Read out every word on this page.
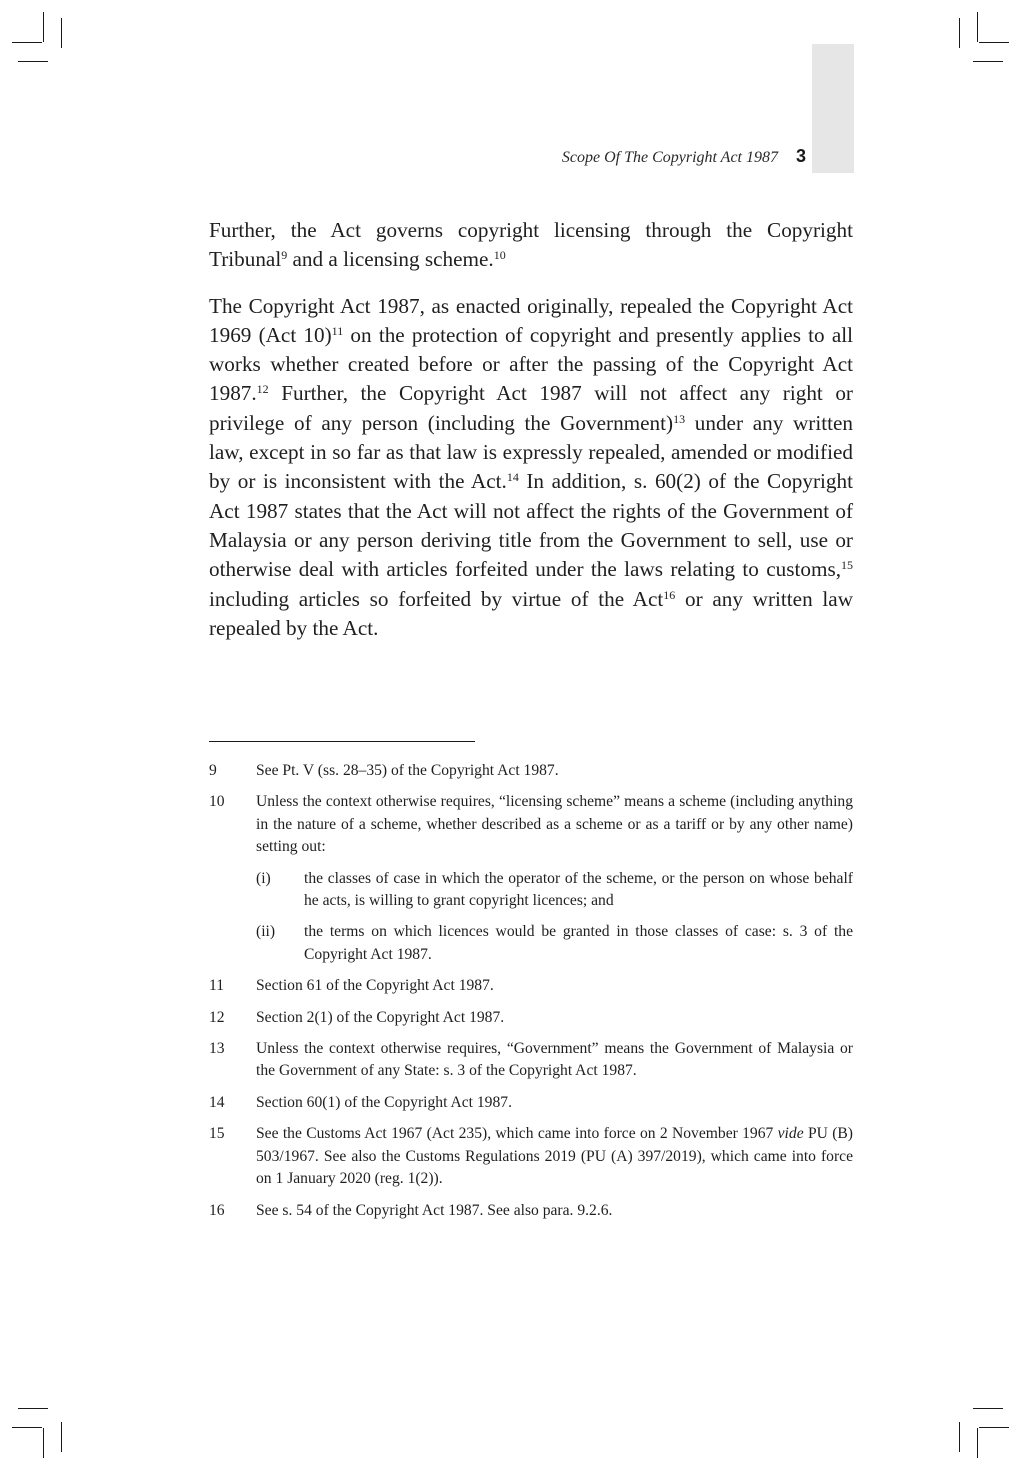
Scope Of The Copyright Act 1987 3

Further, the Act governs copyright licensing through the Copyright Tribunal$^9$ and a licensing scheme.$^{10}$

The Copyright Act 1987, as enacted originally, repealed the Copyright Act 1969 (Act 10)$^{11}$ on the protection of copyright and presently applies to all works whether created before or after the passing of the Copyright Act 1987.12 Further, the Copyright Act 1987 will not affect any right or privilege of any person (including the Government)$^{13}$ under any written law, except in so far as that law is expressly repealed, amended or modified by or is inconsistent with the Act.$^{14}$ In addition, s. 60(2) of the Copyright Act 1987 states that the Act will not affect the rights of the Government of Malaysia or any person deriving title from the Government to sell, use or otherwise deal with articles forfeited under the laws relating to customs,$^{15}$ including articles so forfeited by virtue of the Act$^{16}$ or any written law repealed by the Act.

9	See Pt. V (ss. 28–35) of the Copyright Act 1987.
10	Unless the context otherwise requires, “licensing scheme” means a scheme (including anything in the nature of a scheme, whether described as a scheme or as a tariff or by any other name) setting out:
(i)	the classes of case in which the operator of the scheme, or the person on whose behalf he acts, is willing to grant copyright licences; and
(ii)	the terms on which licences would be granted in those classes of case: s. 3 of the Copyright Act 1987.
11	Section 61 of the Copyright Act 1987.
12	Section 2(1) of the Copyright Act 1987.
13	Unless the context otherwise requires, “Government” means the Government of Malaysia or the Government of any State: s. 3 of the Copyright Act 1987.
14	Section 60(1) of the Copyright Act 1987.
15	See the Customs Act 1967 (Act 235), which came into force on 2 November 1967 vide PU (B) 503/1967. See also the Customs Regulations 2019 (PU (A) 397/2019), which came into force on 1 January 2020 (reg. 1(2)).
16	See s. 54 of the Copyright Act 1987. See also para. 9.2.6.
